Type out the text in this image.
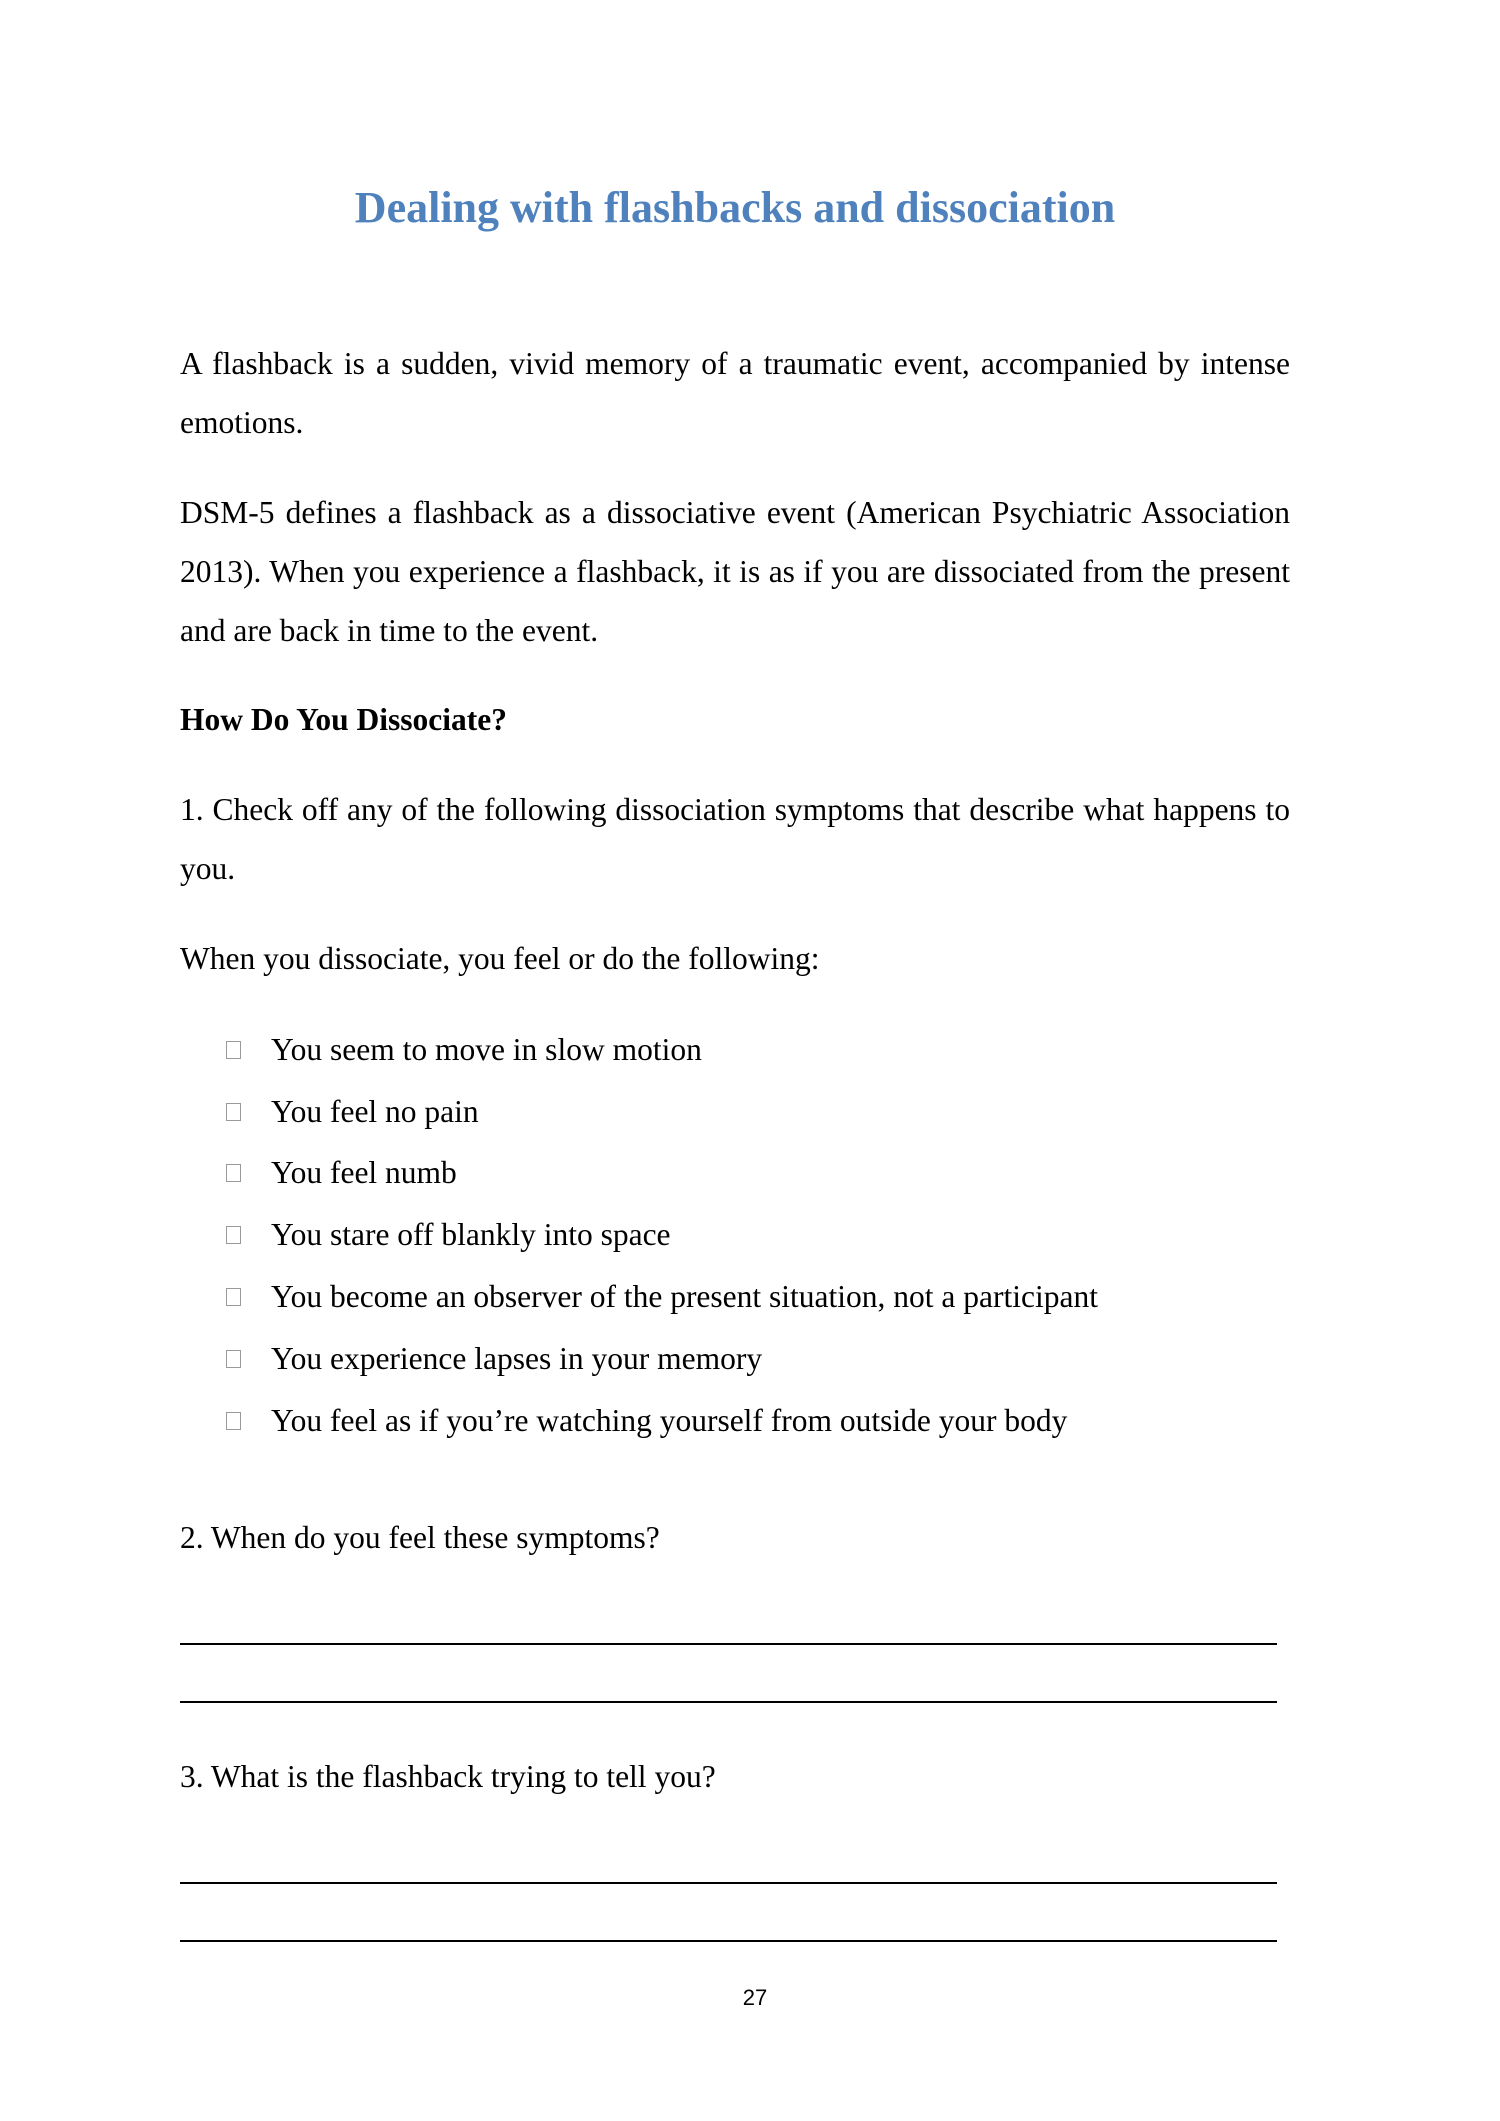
Dealing with flashbacks and dissociation

A flashback is a sudden, vivid memory of a traumatic event, accompanied by intense emotions.

DSM-5 defines a flashback as a dissociative event (American Psychiatric Association 2013). When you experience a flashback, it is as if you are dissociated from the present and are back in time to the event.

How Do You Dissociate?

1. Check off any of the following dissociation symptoms that describe what happens to you.

When you dissociate, you feel or do the following:

You seem to move in slow motion
You feel no pain
You feel numb
You stare off blankly into space
You become an observer of the present situation, not a participant
You experience lapses in your memory
You feel as if you’re watching yourself from outside your body

2. When do you feel these symptoms?

3. What is the flashback trying to tell you?

27
